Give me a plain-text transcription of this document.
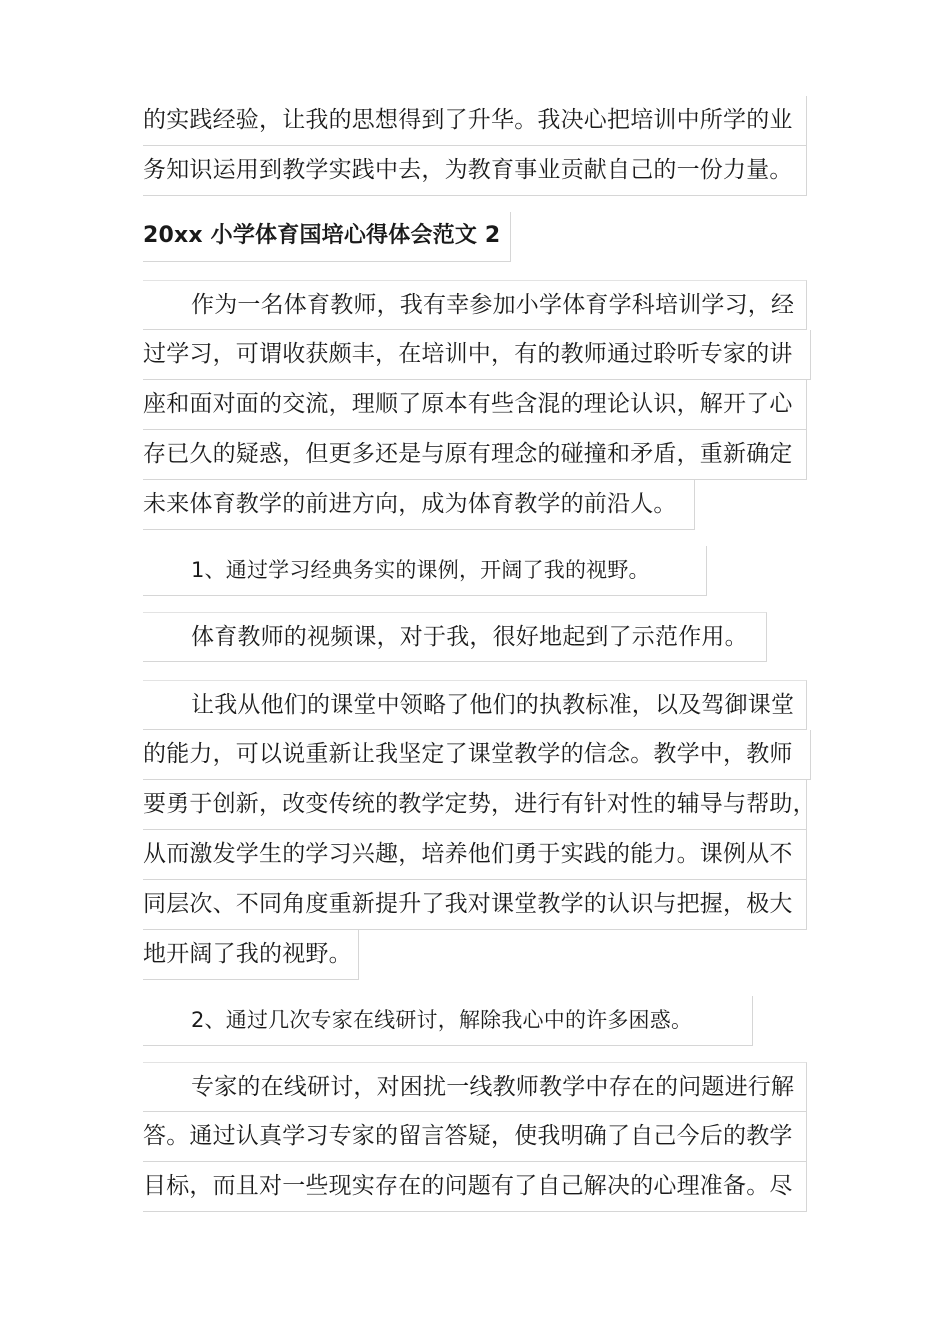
的实践经验，让我的思想得到了升华。我决心把培训中所学的业
务知识运用到教学实践中去，为教育事业贡献自己的一份力量。
20xx 小学体育国培心得体会范文 2
作为一名体育教师，我有幸参加小学体育学科培训学习，经
过学习，可谓收获颇丰，在培训中，有的教师通过聆听专家的讲
座和面对面的交流，理顺了原本有些含混的理论认识，解开了心
存已久的疑惑，但更多还是与原有理念的碰撞和矛盾，重新确定
未来体育教学的前进方向，成为体育教学的前沿人。
1、通过学习经典务实的课例，开阔了我的视野。
体育教师的视频课，对于我，很好地起到了示范作用。
让我从他们的课堂中领略了他们的执教标准，以及驾御课堂
的能力，可以说重新让我坚定了课堂教学的信念。教学中，教师
要勇于创新，改变传统的教学定势，进行有针对性的辅导与帮助，
从而激发学生的学习兴趣，培养他们勇于实践的能力。课例从不
同层次、不同角度重新提升了我对课堂教学的认识与把握，极大
地开阔了我的视野。
2、通过几次专家在线研讨，解除我心中的许多困惑。
专家的在线研讨，对困扰一线教师教学中存在的问题进行解
答。通过认真学习专家的留言答疑，使我明确了自己今后的教学
目标，而且对一些现实存在的问题有了自己解决的心理准备。尽
